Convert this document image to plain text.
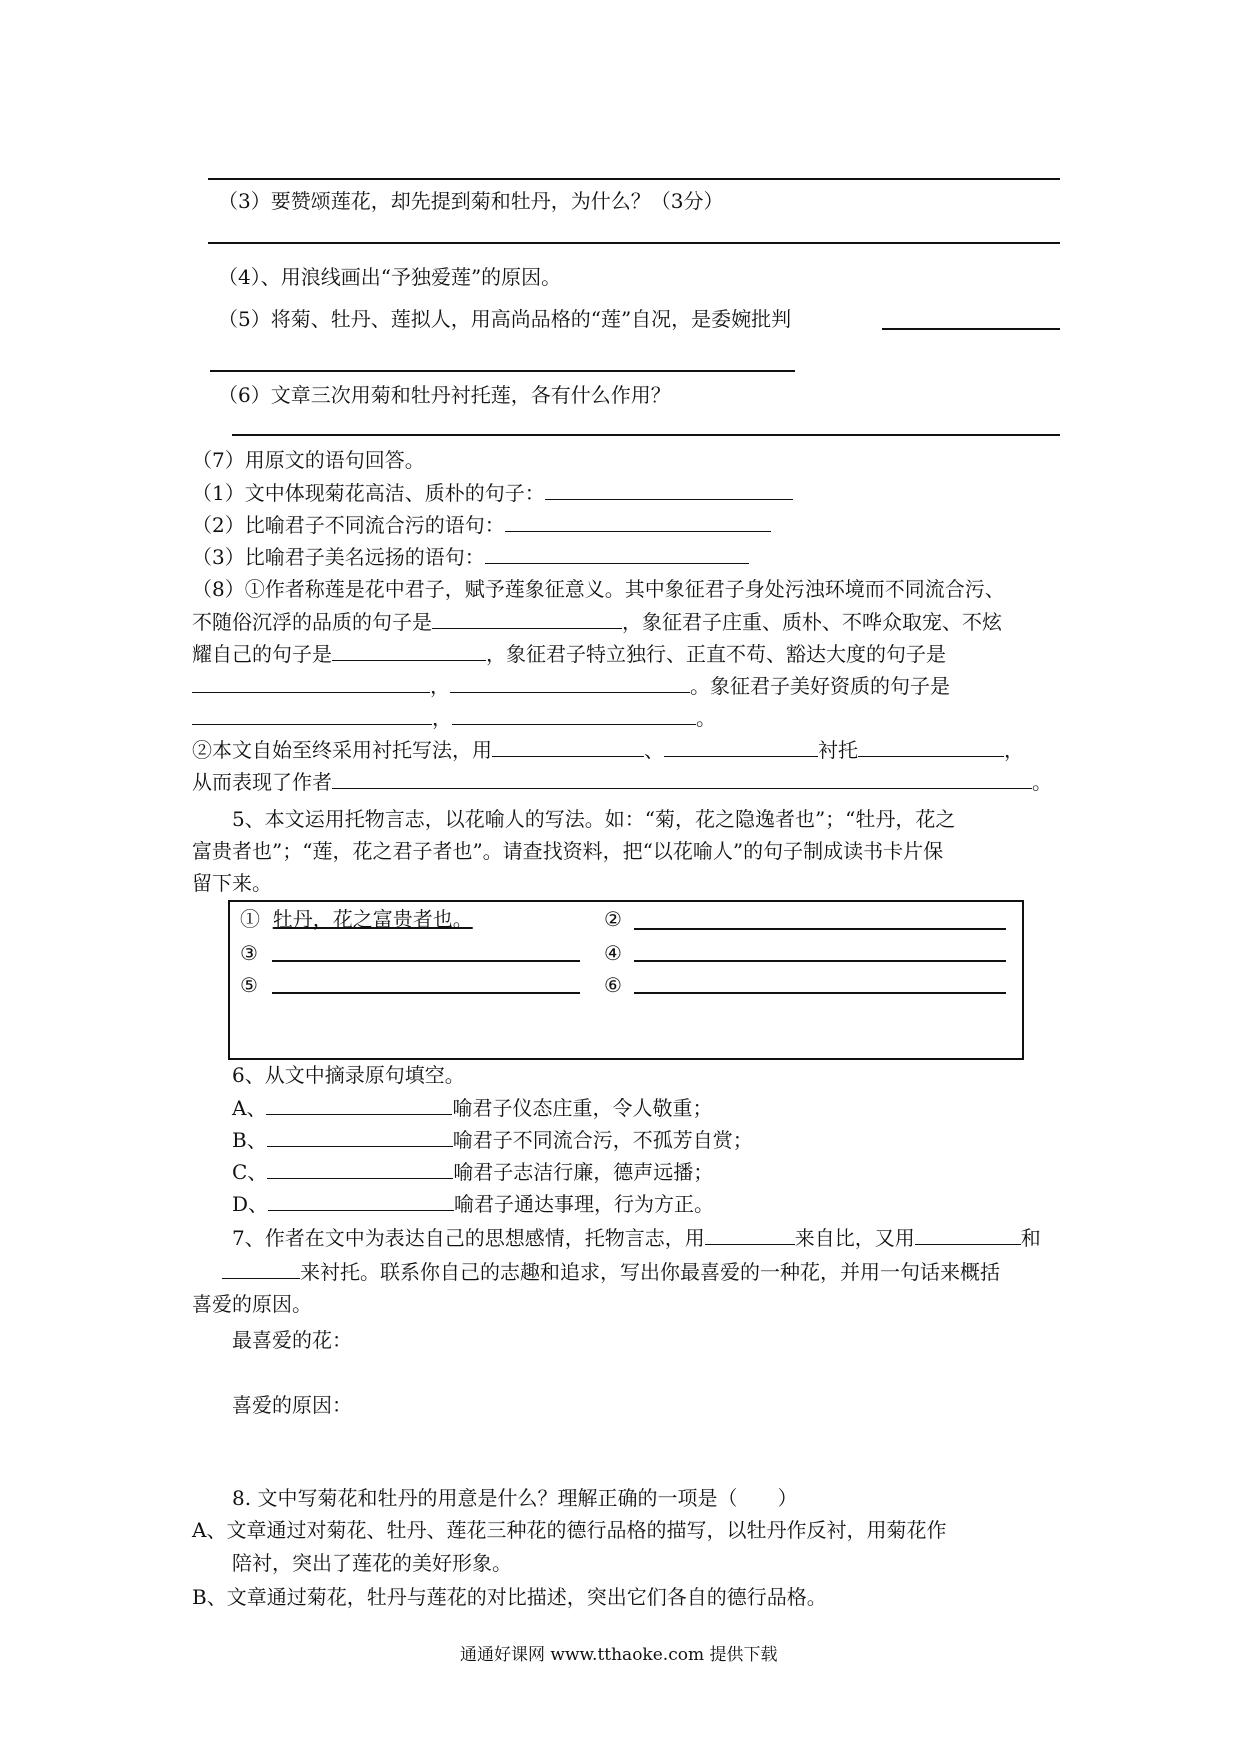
（3）要赞颂莲花，却先提到菊和牡丹，为什么？（3分）
（4）、用浪线画出“予独爱莲”的原因。
（5）将菊、牡丹、莲拟人，用高尚品格的“莲”自况，是委婉批判
（6）文章三次用菊和牡丹衬托莲，各有什么作用？
（7）用原文的语句回答。
（1）文中体现菊花高洁、质朴的句子：
（2）比喻君子不同流合污的语句：
（3）比喻君子美名远扬的语句：
（8）①作者称莲是花中君子，赋予莲象征意义。其中象征君子身处污浊环境而不同流合污、
不随俗沉浮的品质的句子是	，象征君子庄重、质朴、不哗众取宠、不炫
耀自己的句子是	，象征君子特立独行、正直不苟、豁达大度的句子是
，	。象征君子美好资质的句子是
，	。
②本文自始至终采用衬托写法，用	、	衬托	，
从而表现了作者	。
5、本文运用托物言志，以花喻人的写法。如：“菊，花之隐逸者也”；“牡丹，花之
富贵者也”；“莲，花之君子者也”。请查找资料，把“以花喻人”的句子制成读书卡片保
留下来。
① 牡丹，花之富贵者也。	②
③	④
⑤	⑥
6、从文中摘录原句填空。
A、	喻君子仪态庄重，令人敬重；
B、	喻君子不同流合污，不孤芳自赏；
C、	喻君子志洁行廉，德声远播；
D、	喻君子通达事理，行为方正。
7、作者在文中为表达自己的思想感情，托物言志，用	来自比，又用	和
来衬托。联系你自己的志趣和追求，写出你最喜爱的一种花，并用一句话来概括
喜爱的原因。
最喜爱的花：
喜爱的原因：
8. 文中写菊花和牡丹的用意是什么？理解正确的一项是（　　）
A、文章通过对菊花、牡丹、莲花三种花的德行品格的描写，以牡丹作反衬，用菊花作
陪衬，突出了莲花的美好形象。
B、文章通过菊花，牡丹与莲花的对比描述，突出它们各自的德行品格。
通通好课网 www.tthaoke.com 提供下载
